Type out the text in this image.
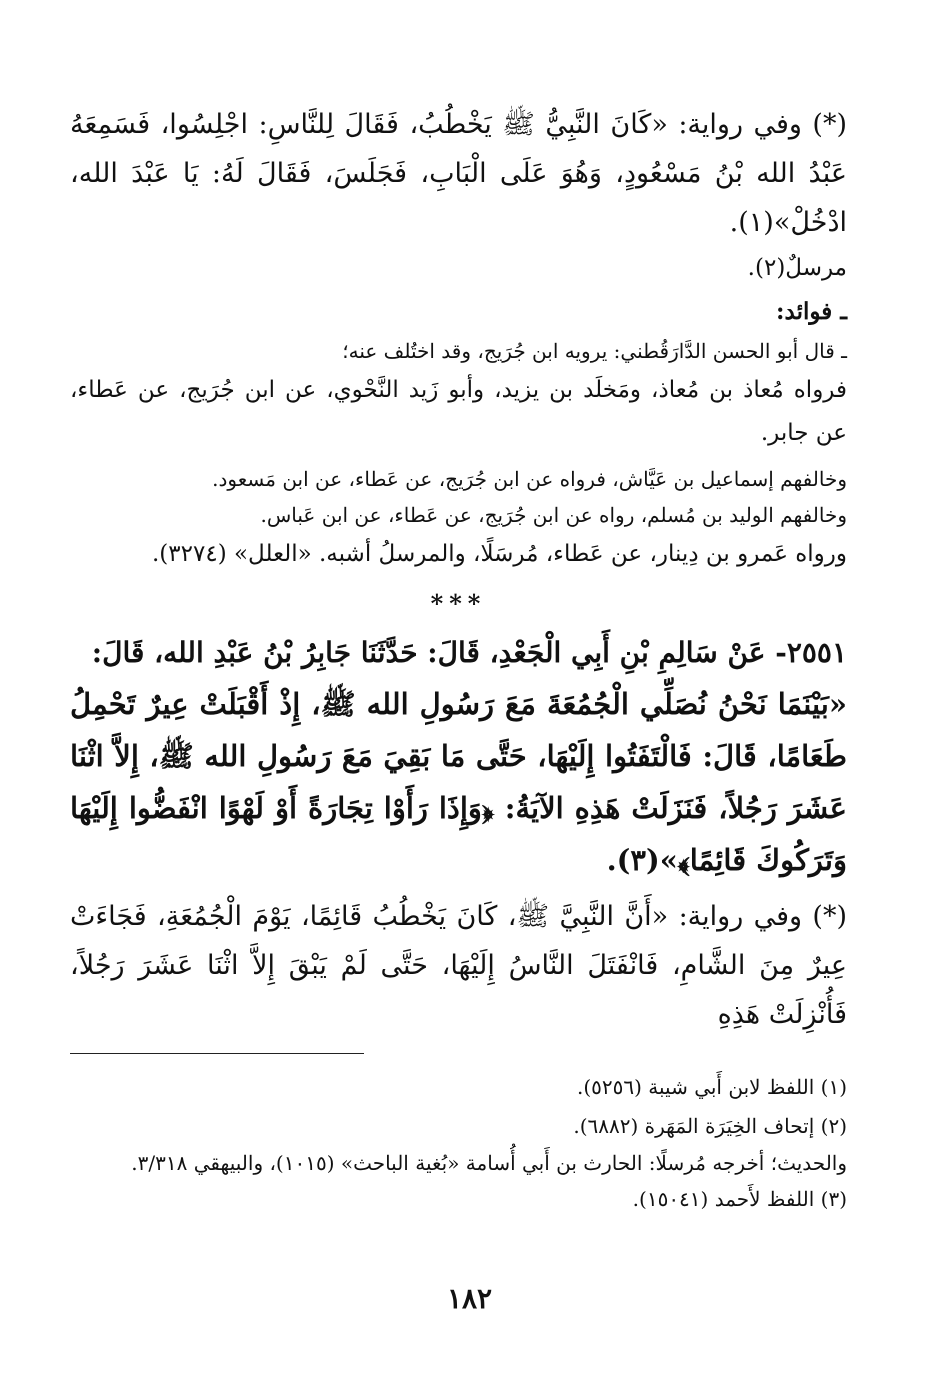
(*) وفي رواية: «كَانَ النَّبِيُّ ﷺ يَخْطُبُ، فَقَالَ لِلنَّاسِ: اجْلِسُوا، فَسَمِعَهُ عَبْدُ الله بْنُ مَسْعُودٍ، وَهُوَ عَلَى الْبَابِ، فَجَلَسَ، فَقَالَ لَهُ: يَا عَبْدَ الله، ادْخُلْ»(١).

مرسلٌ(٢).

ـ فوائد:

ـ قال أبو الحسن الدَّارَقُطني: يرويه ابن جُرَيج، وقد اختُلف عنه؛

فرواه مُعاذ بن مُعاذ، ومَخلَد بن يزيد، وأبو زَيد النَّحْوي، عن ابن جُرَيج، عن عَطاء، عن جابر.

وخالفهم إسماعيل بن عَيَّاش، فرواه عن ابن جُرَيج، عن عَطاء، عن ابن مَسعود.

وخالفهم الوليد بن مُسلم، رواه عن ابن جُرَيج، عن عَطاء، عن ابن عَباس.

ورواه عَمرو بن دِينار، عن عَطاء، مُرسَلًا، والمرسلُ أشبه. «العلل» (٣٢٧٤).

***

٢٥٥١- عَنْ سَالِمِ بْنِ أَبِي الْجَعْدِ، قَالَ: حَدَّثَنَا جَابِرُ بْنُ عَبْدِ الله، قَالَ:

«بَيْنَمَا نَحْنُ نُصَلِّي الْجُمُعَةَ مَعَ رَسُولِ الله ﷺ، إِذْ أَقْبَلَتْ عِيرٌ تَحْمِلُ طَعَامًا، قَالَ: فَالْتَفَتُوا إِلَيْهَا، حَتَّى مَا بَقِيَ مَعَ رَسُولِ الله ﷺ، إِلاَّ اثْنَا عَشَرَ رَجُلاً، فَنَزَلَتْ هَذِهِ الآيَةُ: ﴿وَإِذَا رَأَوْا تِجَارَةً أَوْ لَهْوًا انْفَضُّوا إِلَيْهَا وَتَرَكُوكَ قَائِمًا﴾»(٣).

(*) وفي رواية: «أَنَّ النَّبِيَّ ﷺ، كَانَ يَخْطُبُ قَائِمًا، يَوْمَ الْجُمُعَةِ، فَجَاءَتْ عِيرٌ مِنَ الشَّامِ، فَانْفَتَلَ النَّاسُ إِلَيْهَا، حَتَّى لَمْ يَبْقَ إِلاَّ اثْنَا عَشَرَ رَجُلاً، فَأُنْزِلَتْ هَذِهِ

(١) اللفظ لابن أَبي شيبة (٥٢٥٦).

(٢) إتحاف الخِيَرَة المَهَرة (٦٨٨٢).

والحديث؛ أخرجه مُرسلًا: الحارث بن أَبي أُسامة «بُغية الباحث» (١٠١٥)، والبيهقي ٣/٣١٨.

(٣) اللفظ لأَحمد (١٥٠٤١).

١٨٢
